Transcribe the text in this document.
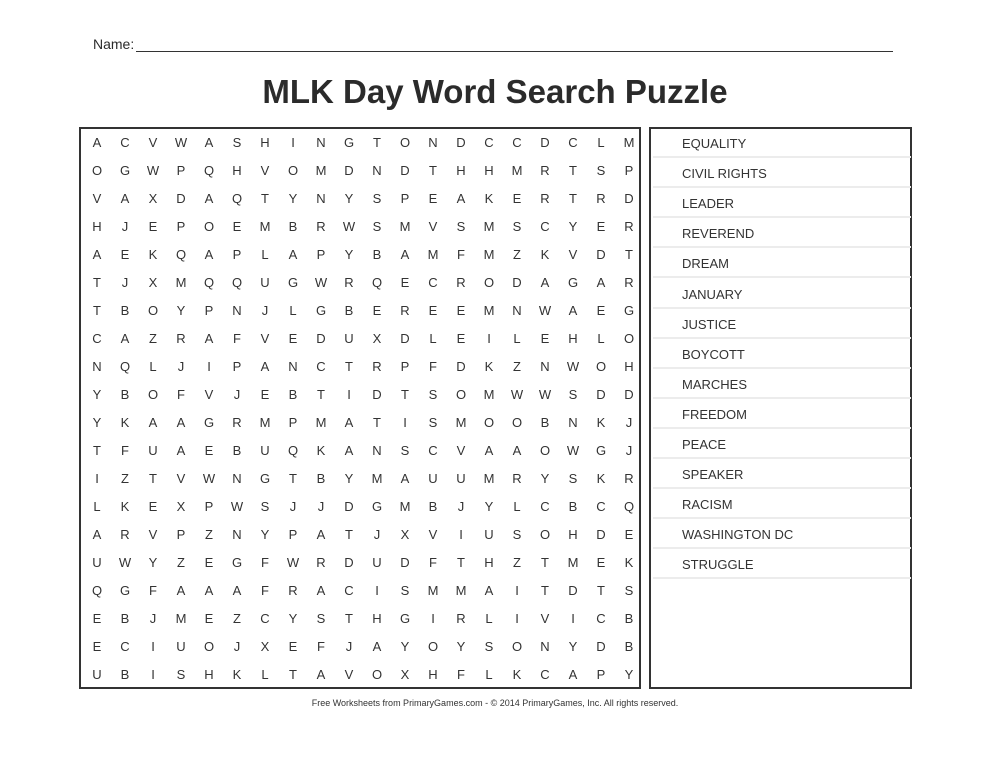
Name:
MLK Day Word Search Puzzle
A	C	V	W	A	S	H	I	N	G	T	O	N	D	C	C	D	C	L	M
O	G	W	P	Q	H	V	O	M	D	N	D	T	H	H	M	R	T	S	P
V	A	X	D	A	Q	T	Y	N	Y	S	P	E	A	K	E	R	T	R	D
H	J	E	P	O	E	M	B	R	W	S	M	V	S	M	S	C	Y	E	R
A	E	K	Q	A	P	L	A	P	Y	B	A	M	F	M	Z	K	V	D	T
T	J	X	M	Q	Q	U	G	W	R	Q	E	C	R	O	D	A	G	A	R
T	B	O	Y	P	N	J	L	G	B	E	R	E	E	M	N	W	A	E	G
C	A	Z	R	A	F	V	E	D	U	X	D	L	E	I	L	E	H	L	O
N	Q	L	J	I	P	A	N	C	T	R	P	F	D	K	Z	N	W	O	H
Y	B	O	F	V	J	E	B	T	I	D	T	S	O	M	W	W	S	D	D
Y	K	A	A	G	R	M	P	M	A	T	I	S	M	O	O	B	N	K	J
T	F	U	A	E	B	U	Q	K	A	N	S	C	V	A	A	O	W	G	J
I	Z	T	V	W	N	G	T	B	Y	M	A	U	U	M	R	Y	S	K	R
L	K	E	X	P	W	S	J	J	D	G	M	B	J	Y	L	C	B	C	Q
A	R	V	P	Z	N	Y	P	A	T	J	X	V	I	U	S	O	H	D	E
U	W	Y	Z	E	G	F	W	R	D	U	D	F	T	H	Z	T	M	E	K
Q	G	F	A	A	A	F	R	A	C	I	S	M	M	A	I	T	D	T	S
E	B	J	M	E	Z	C	Y	S	T	H	G	I	R	L	I	V	I	C	B
E	C	I	U	O	J	X	E	F	J	A	Y	O	Y	S	O	N	Y	D	B
U	B	I	S	H	K	L	T	A	V	O	X	H	F	L	K	C	A	P	Y
EQUALITY
CIVIL RIGHTS
LEADER
REVEREND
DREAM
JANUARY
JUSTICE
BOYCOTT
MARCHES
FREEDOM
PEACE
SPEAKER
RACISM
WASHINGTON DC
STRUGGLE
Free Worksheets from PrimaryGames.com - © 2014 PrimaryGames, Inc. All rights reserved.
